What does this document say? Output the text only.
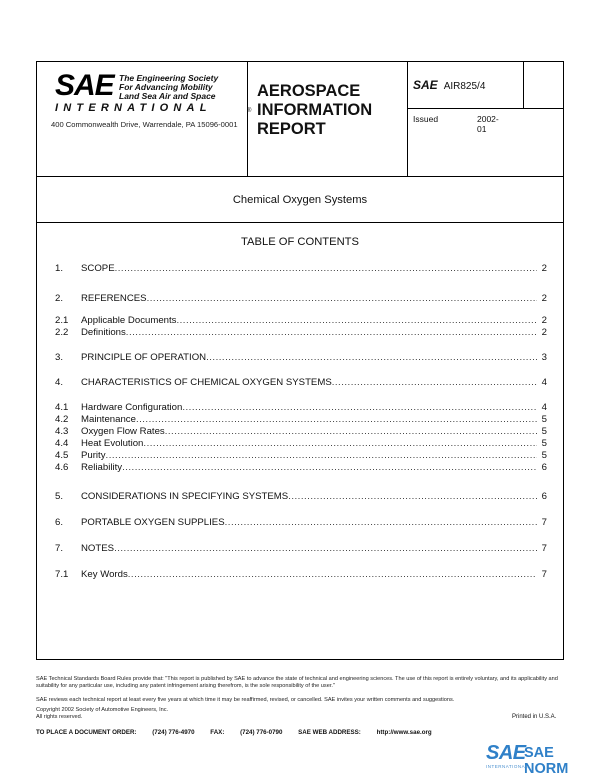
SAE The Engineering Society
For Advancing Mobility
Land Sea Air and Space
INTERNATIONAL	®
400 Commonwealth Drive, Warrendale, PA 15096-0001
AEROSPACE
INFORMATION
REPORT
SAE AIR825/4
Issued	2002-01
Chemical Oxygen Systems
TABLE OF CONTENTS
1.	SCOPE .....	2
2.	REFERENCES .....	2
2.1	Applicable Documents .....	2
2.2	Definitions .....	2
3.	PRINCIPLE OF OPERATION .....	3
4.	CHARACTERISTICS OF CHEMICAL OXYGEN SYSTEMS .....	4
4.1	Hardware Configuration .....	4
4.2	Maintenance .....	5
4.3	Oxygen Flow Rates .....	5
4.4	Heat Evolution .....	5
4.5	Purity .....	5
4.6	Reliability .....	6
5.	CONSIDERATIONS IN SPECIFYING SYSTEMS .....	6
6.	PORTABLE OXYGEN SUPPLIES .....	7
7.	NOTES .....	7
7.1	Key Words .....	7
SAE Technical Standards Board Rules provide that: "This report is published by SAE to advance the state of technical and engineering sciences. The use of this report is entirely voluntary, and its applicability and suitability for any particular use, including any patent infringement arising therefrom, is the sole responsibility of the user."
SAE reviews each technical report at least every five years at which time it may be reaffirmed, revised, or cancelled. SAE invites your written comments and suggestions.
Copyright 2002 Society of Automotive Engineers, Inc.
All rights reserved.	Printed in U.S.A.
TO PLACE A DOCUMENT ORDER:	(724) 776-4970	FAX:	(724) 776-0790	SAE WEB ADDRESS:	http://www.sae.org
SAE
SAE NORM
INTERNATIONAL
